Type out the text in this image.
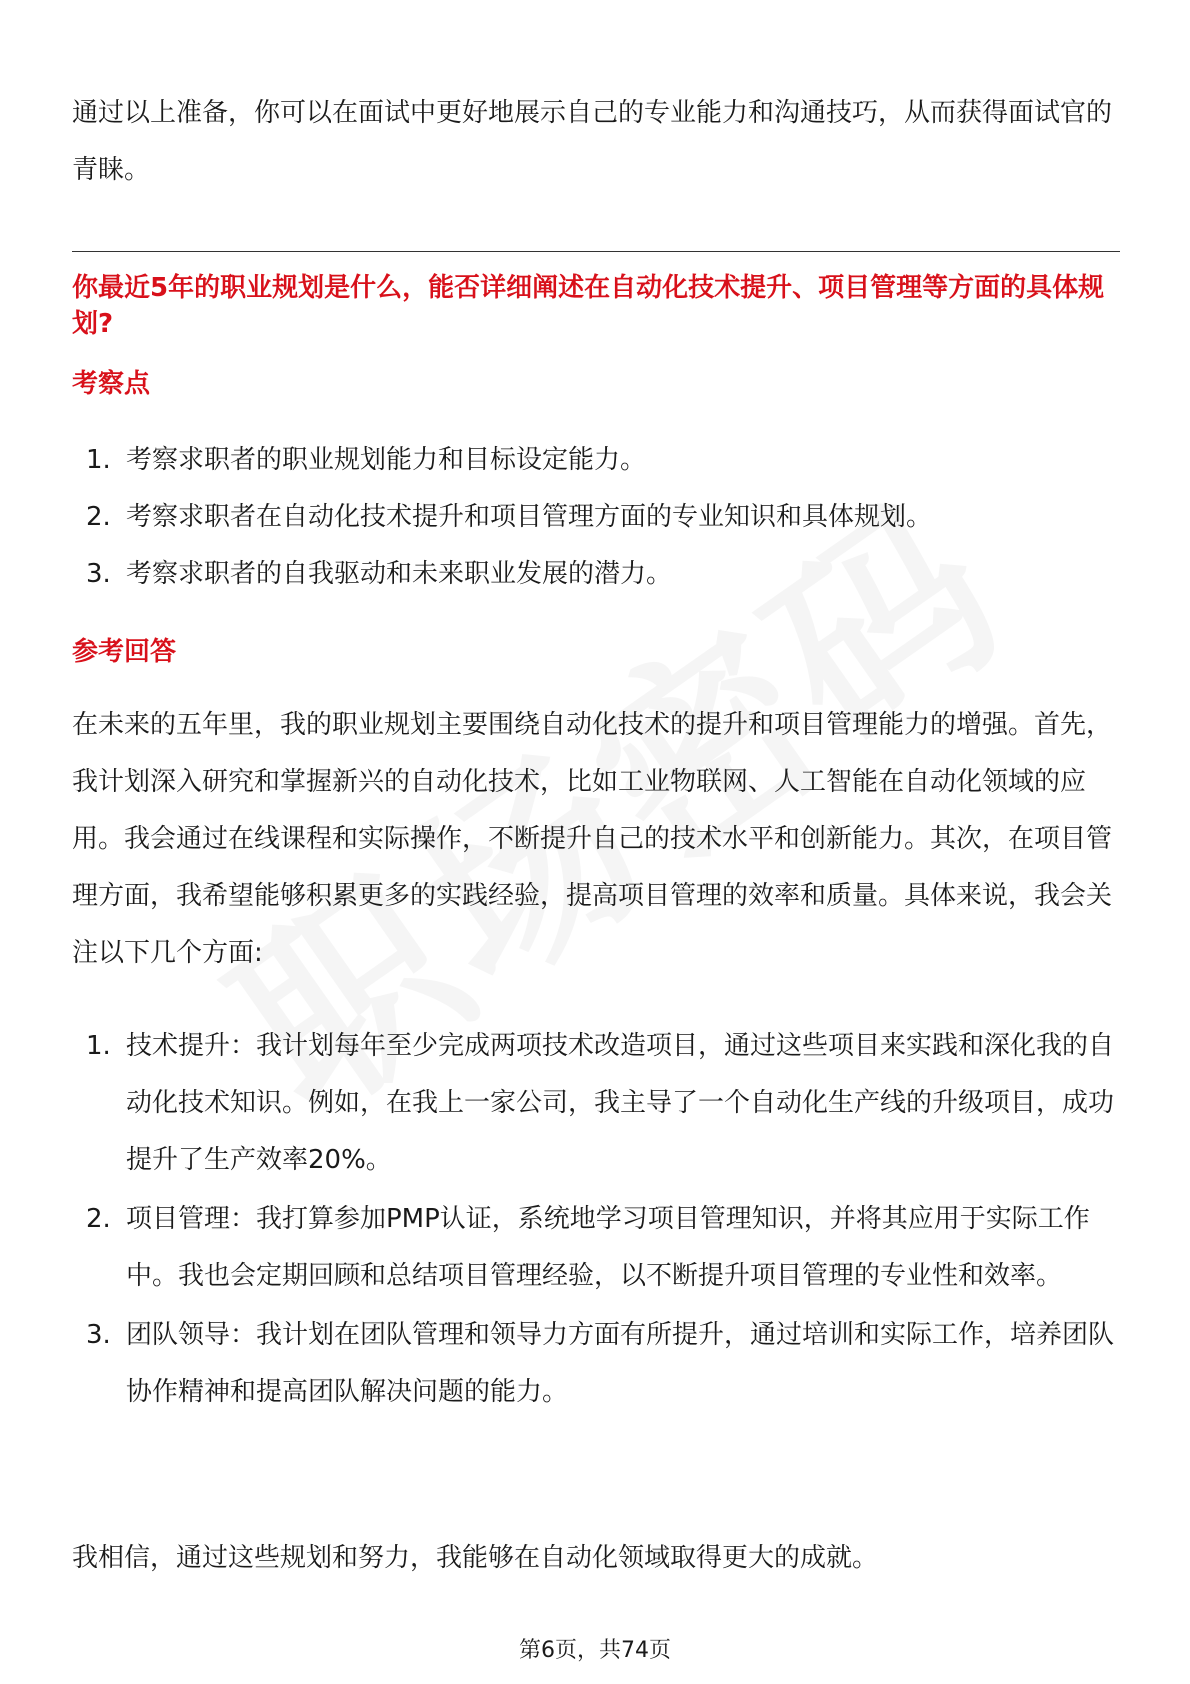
通过以上准备，你可以在面试中更好地展示自己的专业能力和沟通技巧，从而获得面试官的青睐。

你最近5年的职业规划是什么，能否详细阐述在自动化技术提升、项目管理等方面的具体规划?

考察点

1. 考察求职者的职业规划能力和目标设定能力。
2. 考察求职者在自动化技术提升和项目管理方面的专业知识和具体规划。
3. 考察求职者的自我驱动和未来职业发展的潜力。

参考回答

在未来的五年里，我的职业规划主要围绕自动化技术的提升和项目管理能力的增强。首先，我计划深入研究和掌握新兴的自动化技术，比如工业物联网、人工智能在自动化领域的应用。我会通过在线课程和实际操作，不断提升自己的技术水平和创新能力。其次，在项目管理方面，我希望能够积累更多的实践经验，提高项目管理的效率和质量。具体来说，我会关注以下几个方面:

1. 技术提升：我计划每年至少完成两项技术改造项目，通过这些项目来实践和深化我的自动化技术知识。例如，在我上一家公司，我主导了一个自动化生产线的升级项目，成功提升了生产效率20%。
2. 项目管理：我打算参加PMP认证，系统地学习项目管理知识，并将其应用于实际工作中。我也会定期回顾和总结项目管理经验，以不断提升项目管理的专业性和效率。
3. 团队领导：我计划在团队管理和领导力方面有所提升，通过培训和实际工作，培养团队协作精神和提高团队解决问题的能力。

我相信，通过这些规划和努力，我能够在自动化领域取得更大的成就。

第6页，共74页
